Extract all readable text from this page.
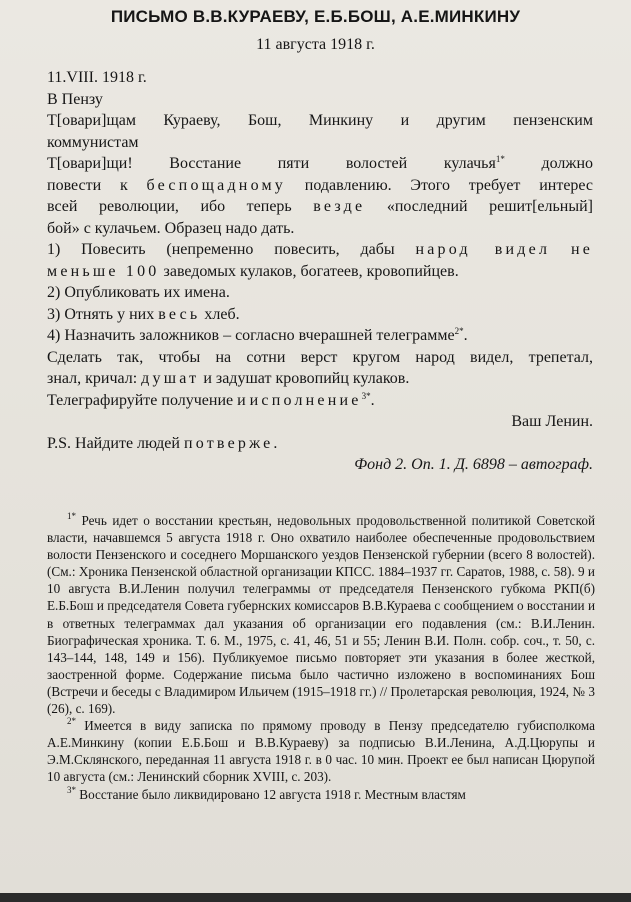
ПИСЬМО В.В.КУРАЕВУ, Е.Б.БОШ, А.Е.МИНКИНУ
11 августа 1918 г.

11.VIII. 1918 г.

В Пензу

Т[овари]щам Кураеву, Бош, Минкину и другим пензенским

коммунистам

Т[овари]щи! Восстание пяти волостей кулачья$^{1*}$ должно

повести к беспощадному подавлению. Этого требует интерес

всей революции, ибо теперь везде «последний решит[ельный]

бой» с кулачьем. Образец надо дать.

1) Повесить (непременно повесить, дабы народ видел не

меньше 100 заведомых кулаков, богатеев, кровопийцев.

2) Опубликовать их имена.

3) Отнять у них весь хлеб.

4) Назначить заложников – согласно вчерашней телеграмме$^{2*}$.

Сделать так, чтобы на сотни верст кругом народ видел, трепетал,

знал, кричал: душат и задушат кровопийц кулаков.

Телеграфируйте получение и исполнение$^{3*}$.

Ваш Ленин.

P.S. Найдите людей потверже.

Фонд 2. Оп. 1. Д. 6898 – автограф.

$^{1*}$ Речь идет о восстании крестьян, недовольных продовольственной политикой Советской власти, начавшемся 5 августа 1918 г. Оно охватило наиболее обеспеченные продовольствием волости Пензенского и соседнего Моршанского уездов Пензенской губернии (всего 8 волостей). (См.: Хроника Пензенской областной организации КПСС. 1884–1937 гг. Саратов, 1988, с. 58). 9 и 10 августа В.И.Ленин получил телеграммы от председателя Пензенского губкома РКП(б) Е.Б.Бош и председателя Совета губернских комиссаров В.В.Кураева с сообщением о восстании и в ответных телеграммах дал указания об организации его подавления (см.: В.И.Ленин. Биографическая хроника. Т. 6. М., 1975, с. 41, 46, 51 и 55; Ленин В.И. Полн. собр. соч., т. 50, с. 143–144, 148, 149 и 156). Публикуемое письмо повторяет эти указания в более жесткой, заостренной форме. Содержание письма было частично изложено в воспоминаниях Бош (Встречи и беседы с Владимиром Ильичем (1915–1918 гг.) // Пролетарская революция, 1924, № 3 (26), с. 169).

$^{2*}$ Имеется в виду записка по прямому проводу в Пензу председателю губисполкома А.Е.Минкину (копии Е.Б.Бош и В.В.Кураеву) за подписью В.И.Ленина, А.Д.Цюрупы и Э.М.Склянского, переданная 11 августа 1918 г. в 0 час. 10 мин. Проект ее был написан Цюрупой 10 августа (см.: Ленинский сборник XVIII, с. 203).

$^{3*}$ Восстание было ликвидировано 12 августа 1918 г. Местным властям
